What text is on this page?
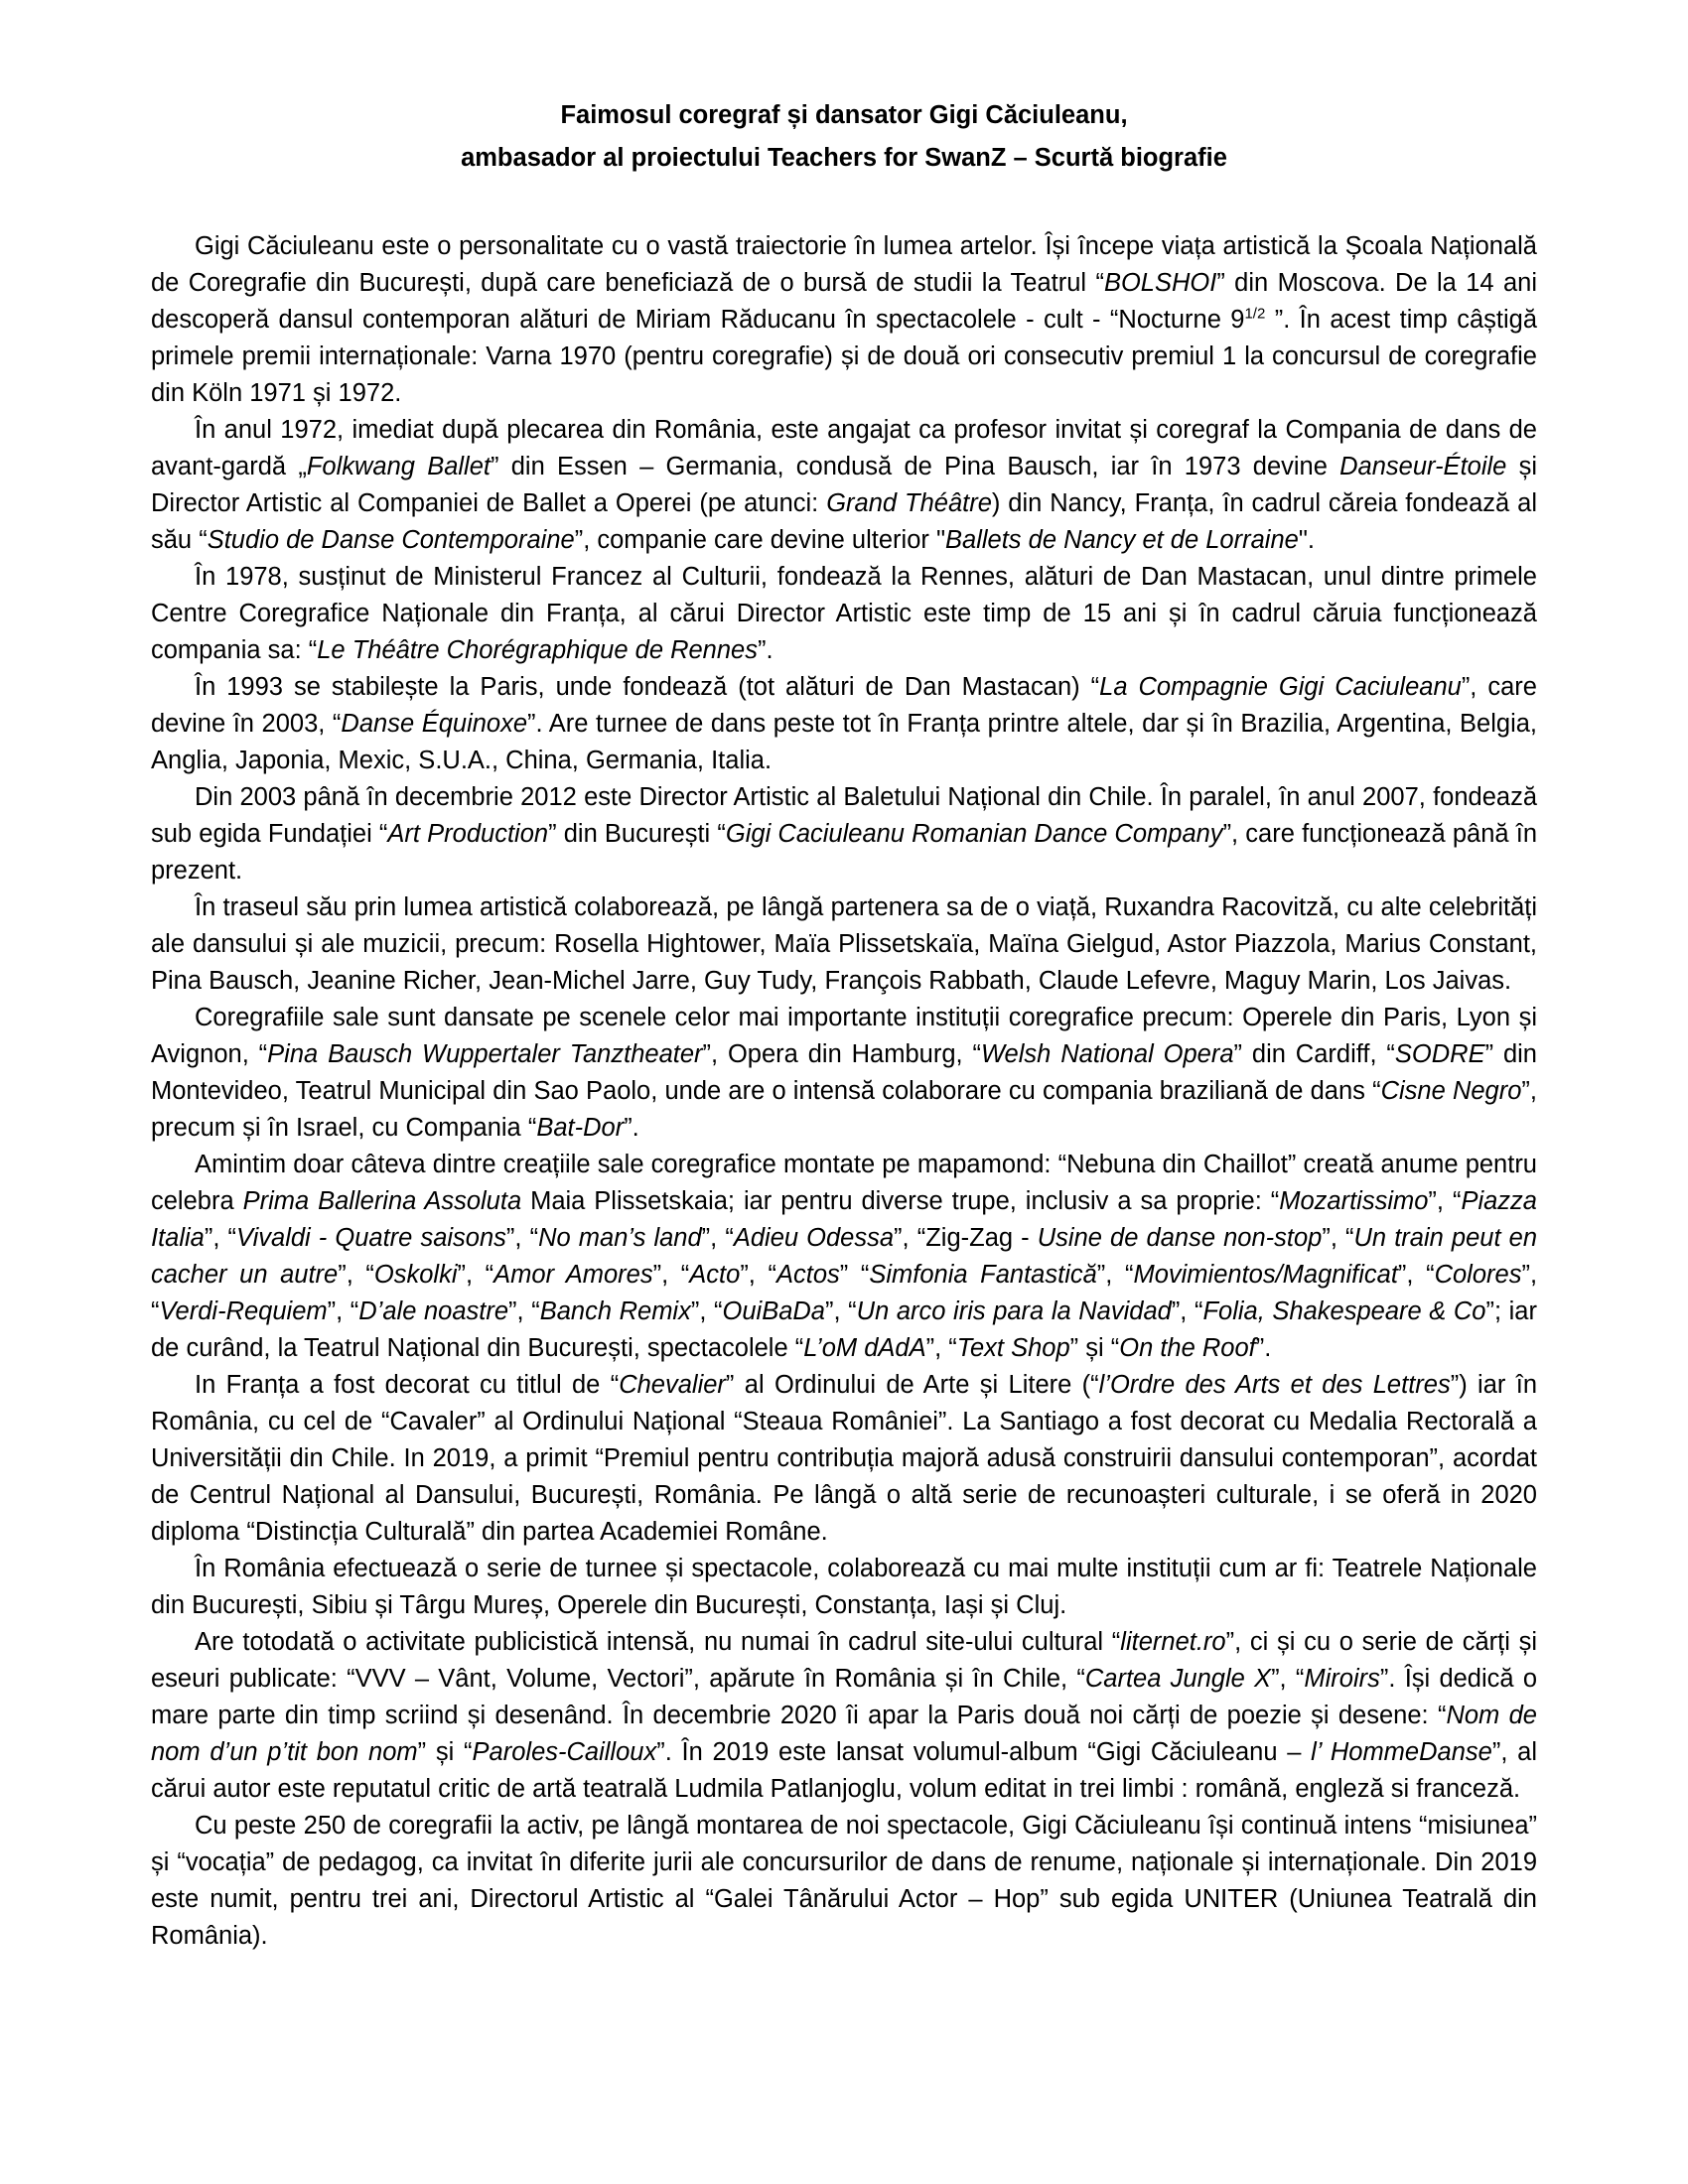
Faimosul coregraf și dansator Gigi Căciuleanu,

ambasador al proiectului Teachers for SwanZ – Scurtă biografie

Gigi Căciuleanu este o personalitate cu o vastă traiectorie în lumea artelor. Își începe viața artistică la Școala Națională de Coregrafie din București, după care beneficiază de o bursă de studii la Teatrul “BOLSHOI” din Moscova. De la 14 ani descoperă dansul contemporan alături de Miriam Răducanu în spectacolele - cult - “Nocturne $9^{1/2}$ ”. În acest timp câștigă primele premii internaționale: Varna 1970 (pentru coregrafie) și de două ori consecutiv premiul 1 la concursul de coregrafie din Köln 1971 și 1972.

În anul 1972, imediat după plecarea din România, este angajat ca profesor invitat și coregraf la Compania de dans de avant-gardă „Folkwang Ballet” din Essen – Germania, condusă de Pina Bausch, iar în 1973 devine Danseur-Étoile și Director Artistic al Companiei de Ballet a Operei (pe atunci: Grand Théâtre) din Nancy, Franța, în cadrul căreia fondează al său “Studio de Danse Contemporaine”, companie care devine ulterior "Ballets de Nancy et de Lorraine".

În 1978, susținut de Ministerul Francez al Culturii, fondează la Rennes, alături de Dan Mastacan, unul dintre primele Centre Coregrafice Naționale din Franța, al cărui Director Artistic este timp de 15 ani și în cadrul căruia funcționează compania sa: “Le Théâtre Chorégraphique de Rennes”.

În 1993 se stabilește la Paris, unde fondează (tot alături de Dan Mastacan) “La Compagnie Gigi Caciuleanu”, care devine în 2003, “Danse Équinoxe”. Are turnee de dans peste tot în Franța printre altele, dar și în Brazilia, Argentina, Belgia, Anglia, Japonia, Mexic, S.U.A., China, Germania, Italia.

Din 2003 până în decembrie 2012 este Director Artistic al Baletului Național din Chile. În paralel, în anul 2007, fondează sub egida Fundației “Art Production” din București “Gigi Caciuleanu Romanian Dance Company”, care funcționează până în prezent.

În traseul său prin lumea artistică colaborează, pe lângă partenera sa de o viață, Ruxandra Racovitză, cu alte celebrități ale dansului și ale muzicii, precum: Rosella Hightower, Maïa Plissetskaïa, Maïna Gielgud, Astor Piazzola, Marius Constant, Pina Bausch, Jeanine Richer, Jean-Michel Jarre, Guy Tudy, François Rabbath, Claude Lefevre, Maguy Marin, Los Jaivas.

Coregrafiile sale sunt dansate pe scenele celor mai importante instituții coregrafice precum: Operele din Paris, Lyon și Avignon, “Pina Bausch Wuppertaler Tanztheater”, Opera din Hamburg, “Welsh National Opera” din Cardiff, “SODRE” din Montevideo, Teatrul Municipal din Sao Paolo, unde are o intensă colaborare cu compania braziliană de dans “Cisne Negro”, precum și în Israel, cu Compania “Bat-Dor”.

Amintim doar câteva dintre creațiile sale coregrafice montate pe mapamond: “Nebuna din Chaillot” creată anume pentru celebra Prima Ballerina Assoluta Maia Plissetskaia; iar pentru diverse trupe, inclusiv a sa proprie: “Mozartissimo”, “Piazza Italia”, “Vivaldi - Quatre saisons”, “No man’s land”, “Adieu Odessa”, “Zig-Zag - Usine de danse non-stop”, “Un train peut en cacher un autre”, “Oskolki”, “Amor Amores”, “Acto”, “Actos” “Simfonia Fantastică”, “Movimientos/Magnificat”, “Colores”, “Verdi-Requiem”, “D’ale noastre”, “Banch Remix”, “OuiBaDa”, “Un arco iris para la Navidad”, “Folia, Shakespeare & Co”; iar de curând, la Teatrul Național din București, spectacolele “L’oM dAdA”, “Text Shop” și “On the Roof”.

In Franța a fost decorat cu titlul de “Chevalier” al Ordinului de Arte și Litere (“l’Ordre des Arts et des Lettres”) iar în România, cu cel de “Cavaler” al Ordinului Național “Steaua României”. La Santiago a fost decorat cu Medalia Rectorală a Universității din Chile. In 2019, a primit “Premiul pentru contribuția majoră adusă construirii dansului contemporan”, acordat de Centrul Național al Dansului, București, România. Pe lângă o altă serie de recunoașteri culturale, i se oferă in 2020 diploma “Distincția Culturală” din partea Academiei Române.

În România efectuează o serie de turnee și spectacole, colaborează cu mai multe instituții cum ar fi: Teatrele Naționale din București, Sibiu și Târgu Mureș, Operele din București, Constanța, Iași și Cluj.

Are totodată o activitate publicistică intensă, nu numai în cadrul site-ului cultural “liternet.ro”, ci și cu o serie de cărți și eseuri publicate: “VVV – Vânt, Volume, Vectori”, apărute în România și în Chile, “Cartea Jungle X”, “Miroirs”. Își dedică o mare parte din timp scriind și desenând. În decembrie 2020 îi apar la Paris două noi cărți de poezie și desene: “Nom de nom d’un p’tit bon nom” și “Paroles-Cailloux”. În 2019 este lansat volumul-album “Gigi Căciuleanu – l’ HommeDanse”, al cărui autor este reputatul critic de artă teatrală Ludmila Patlanjoglu, volum editat in trei limbi : română, engleză si franceză.

Cu peste 250 de coregrafii la activ, pe lângă montarea de noi spectacole, Gigi Căciuleanu își continuă intens “misiunea” și “vocația” de pedagog, ca invitat în diferite jurii ale concursurilor de dans de renume, naționale și internaționale. Din 2019 este numit, pentru trei ani, Directorul Artistic al “Galei Tânărului Actor – Hop” sub egida UNITER (Uniunea Teatrală din România).
